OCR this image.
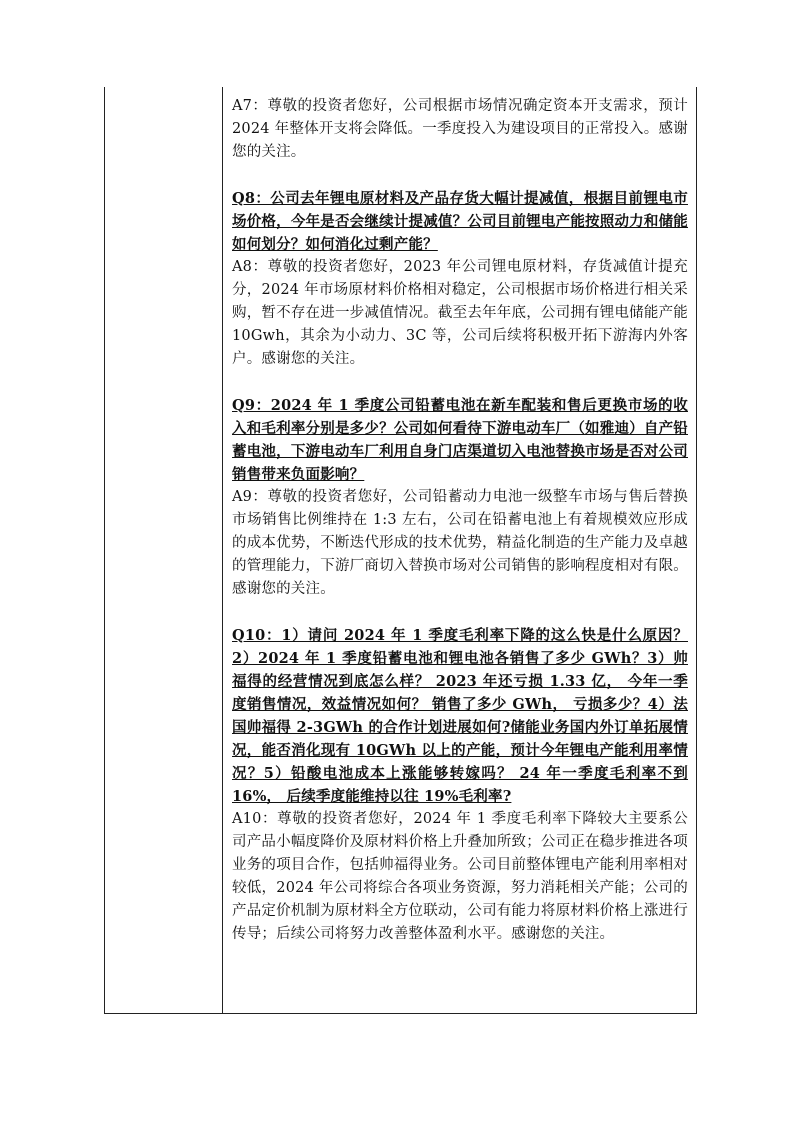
A7：尊敬的投资者您好，公司根据市场情况确定资本开支需求，预计 2024 年整体开支将会降低。一季度投入为建设项目的正常投入。感谢您的关注。

Q8：公司去年锂电原材料及产品存货大幅计提减值，根据目前锂电市场价格，今年是否会继续计提减值？公司目前锂电产能按照动力和储能如何划分？如何消化过剩产能？

A8：尊敬的投资者您好，2023 年公司锂电原材料，存货减值计提充分，2024 年市场原材料价格相对稳定，公司根据市场价格进行相关采购，暂不存在进一步减值情况。截至去年年底，公司拥有锂电储能产能 10Gwh，其余为小动力、3C 等，公司后续将积极开拓下游海内外客户。感谢您的关注。

Q9：2024 年 1 季度公司铅蓄电池在新车配装和售后更换市场的收入和毛利率分别是多少？公司如何看待下游电动车厂（如雅迪）自产铅蓄电池，下游电动车厂利用自身门店渠道切入电池替换市场是否对公司销售带来负面影响？

A9：尊敬的投资者您好，公司铅蓄动力电池一级整车市场与售后替换市场销售比例维持在 1:3 左右，公司在铅蓄电池上有着规模效应形成的成本优势，不断迭代形成的技术优势，精益化制造的生产能力及卓越的管理能力，下游厂商切入替换市场对公司销售的影响程度相对有限。感谢您的关注。

Q10：1）请问 2024 年 1 季度毛利率下降的这么快是什么原因？2）2024 年 1 季度铅蓄电池和锂电池各销售了多少 GWh？3）帅福得的经营情况到底怎么样？ 2023 年还亏损 1.33 亿， 今年一季度销售情况，效益情况如何？ 销售了多少 GWh， 亏损多少？4）法国帅福得 2-3GWh 的合作计划进展如何?储能业务国内外订单拓展情况，能否消化现有 10GWh 以上的产能，预计今年锂电产能利用率情况？5）铅酸电池成本上涨能够转嫁吗？ 24 年一季度毛利率不到 16%， 后续季度能维持以往 19%毛利率?

A10：尊敬的投资者您好，2024 年 1 季度毛利率下降较大主要系公司产品小幅度降价及原材料价格上升叠加所致；公司正在稳步推进各项业务的项目合作，包括帅福得业务。公司目前整体锂电产能利用率相对较低，2024 年公司将综合各项业务资源，努力消耗相关产能；公司的产品定价机制为原材料全方位联动，公司有能力将原材料价格上涨进行传导；后续公司将努力改善整体盈利水平。感谢您的关注。
